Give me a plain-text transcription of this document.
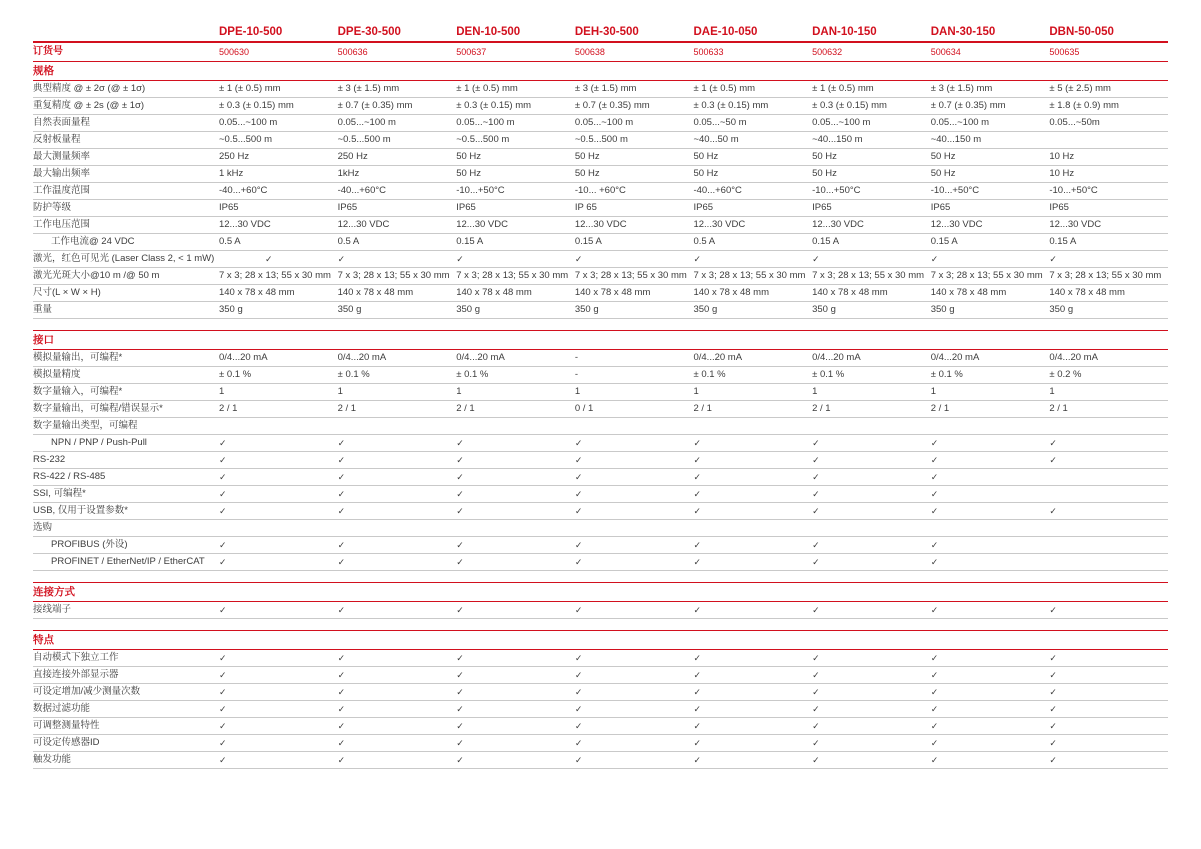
	DPE-10-500	DPE-30-500	DEN-10-500	DEH-30-500	DAE-10-050	DAN-10-150	DAN-30-150	DBN-50-050
订货号	500630	500636	500637	500638	500633	500632	500634	500635
规格								
典型精度 @ ± 2σ (@ ± 1σ)	± 1 (± 0.5) mm	± 3 (± 1.5) mm	± 1 (± 0.5) mm	± 3 (± 1.5) mm	± 1 (± 0.5) mm	± 1 (± 0.5) mm	± 3 (± 1.5) mm	± 5 (± 2.5) mm
重复精度 @ ± 2s (@ ± 1σ)	± 0.3 (± 0.15) mm	± 0.7 (± 0.35) mm	± 0.3 (± 0.15) mm	± 0.7 (± 0.35) mm	± 0.3 (± 0.15) mm	± 0.3 (± 0.15) mm	± 0.7 (± 0.35) mm	± 1.8 (± 0.9) mm
自然表面量程	0.05...~100 m	0.05...~100 m	0.05...~100 m	0.05...~100 m	0.05...~50 m	0.05...~100 m	0.05...~100 m	0.05...~50m
反射板量程	~0.5...500 m	~0.5...500 m	~0.5...500 m	~0.5...500 m	~40...50 m	~40...150 m	~40...150 m	
最大测量频率	250 Hz	250 Hz	50 Hz	50 Hz	50 Hz	50 Hz	50 Hz	10 Hz
最大输出频率	1 kHz	1kHz	50 Hz	50 Hz	50 Hz	50 Hz	50 Hz	10 Hz
工作温度范围	-40...+60°C	-40...+60°C	-10...+50°C	-10... +60°C	-40...+60°C	-10...+50°C	-10...+50°C	-10...+50°C
防护等级	IP65	IP65	IP65	IP 65	IP65	IP65	IP65	IP65
工作电压范围	12...30 VDC	12...30 VDC	12...30 VDC	12...30 VDC	12...30 VDC	12...30 VDC	12...30 VDC	12...30 VDC
工作电流@ 24 VDC	0.5 A	0.5 A	0.15 A	0.15 A	0.5 A	0.15 A	0.15 A	0.15 A
激光，红色可见光 (Laser Class 2, < 1 mW)	✓	✓	✓	✓	✓	✓	✓	✓
激光光斑大小@10 m /@ 50 m	7 x 3; 28 x 13; 55 x 30 mm	7 x 3; 28 x 13; 55 x 30 mm	7 x 3; 28 x 13; 55 x 30 mm	7 x 3; 28 x 13; 55 x 30 mm	7 x 3; 28 x 13; 55 x 30 mm	7 x 3; 28 x 13; 55 x 30 mm	7 x 3; 28 x 13; 55 x 30 mm	7 x 3; 28 x 13; 55 x 30 mm
尺寸(L × W × H)	140 x 78 x 48 mm	140 x 78 x 48 mm	140 x 78 x 48 mm	140 x 78 x 48 mm	140 x 78 x 48 mm	140 x 78 x 48 mm	140 x 78 x 48 mm	140 x 78 x 48 mm
重量	350 g	350 g	350 g	350 g	350 g	350 g	350 g	350 g

接口								
模拟量输出，可编程*	0/4...20 mA	0/4...20 mA	0/4...20 mA	-	0/4...20 mA	0/4...20 mA	0/4...20 mA	0/4...20 mA
模拟量精度	± 0.1 %	± 0.1 %	± 0.1 %	-	± 0.1 %	± 0.1 %	± 0.1 %	± 0.2 %
数字量输入，可编程*	1	1	1	1	1	1	1	1
数字量输出，可编程/错误显示*	2 / 1	2 / 1	2 / 1	0 / 1	2 / 1	2 / 1	2 / 1	2 / 1
数字量输出类型，可编程								
NPN / PNP / Push-Pull	✓	✓	✓	✓	✓	✓	✓	✓
RS-232	✓	✓	✓	✓	✓	✓	✓	✓
RS-422 / RS-485	✓	✓	✓	✓	✓	✓	✓	
SSI, 可编程*	✓	✓	✓	✓	✓	✓	✓	
USB, 仅用于设置参数*	✓	✓	✓	✓	✓	✓	✓	✓
选购								
PROFIBUS (外设)	✓	✓	✓	✓	✓	✓	✓	
PROFINET / EtherNet/IP / EtherCAT	✓	✓	✓	✓	✓	✓	✓	

连接方式								
接线端子	✓	✓	✓	✓	✓	✓	✓	✓

特点								
自动模式下独立工作	✓	✓	✓	✓	✓	✓	✓	✓
直接连接外部显示器	✓	✓	✓	✓	✓	✓	✓	✓
可设定增加/减少测量次数	✓	✓	✓	✓	✓	✓	✓	✓
数据过滤功能	✓	✓	✓	✓	✓	✓	✓	✓
可调整测量特性	✓	✓	✓	✓	✓	✓	✓	✓
可设定传感器ID	✓	✓	✓	✓	✓	✓	✓	✓
触发功能	✓	✓	✓	✓	✓	✓	✓	✓
